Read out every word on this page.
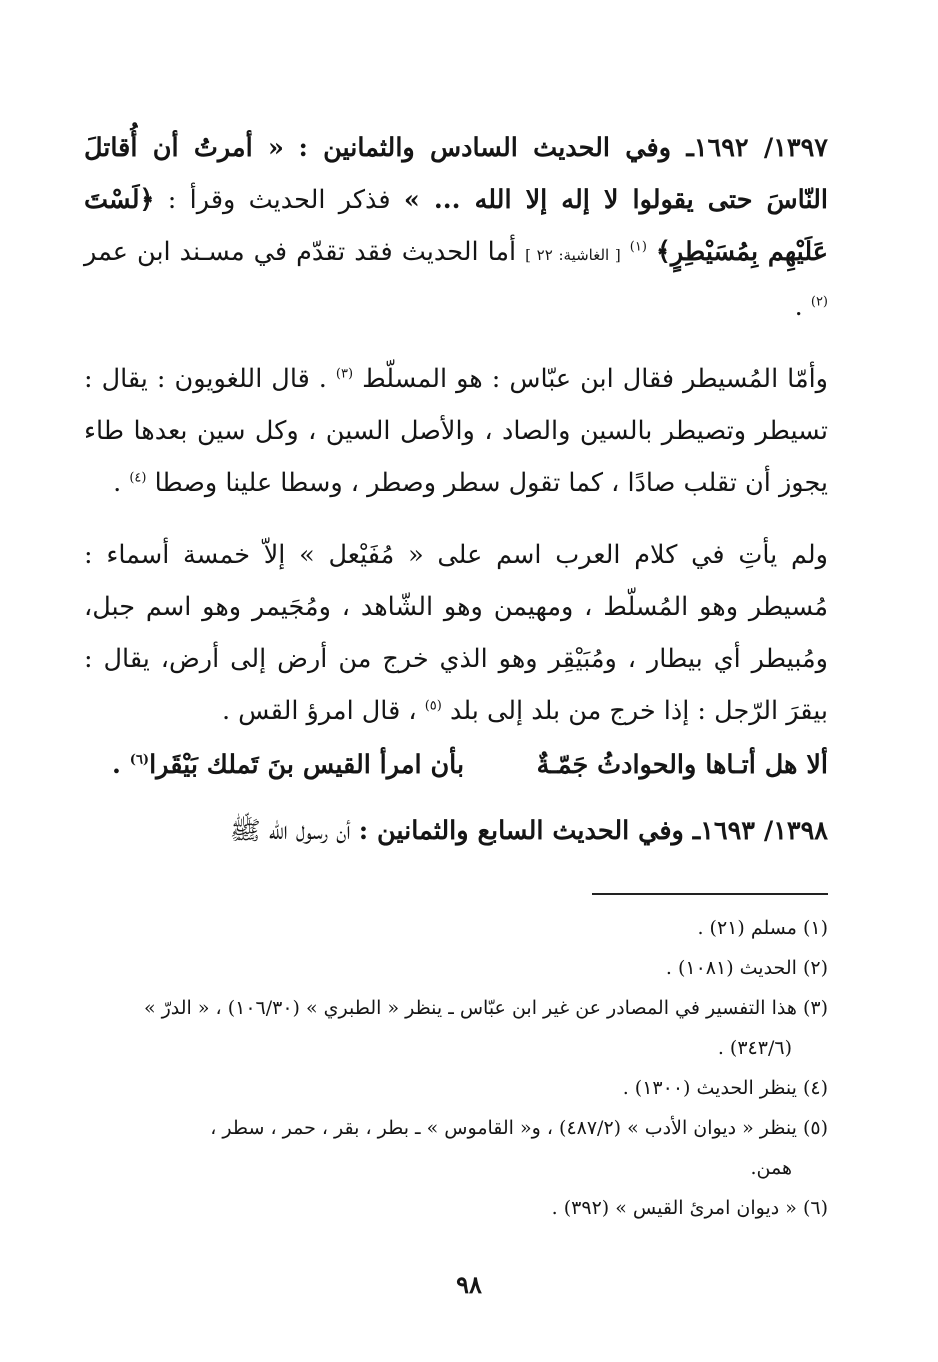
١٣٩٧/ ١٦٩٢ـ وفي الحديث السادس والثمانين : « أمرتُ أن أُقاتلَ النّاسَ حتى يقولوا لا إله إلا الله ... » فذكر الحديث وقرأ : ﴿لَسْتَ عَلَيْهِم بِمُسَيْطِرٍ﴾ $^{(١)}$ [ الغاشية: ٢٢ ] أما الحديث فقد تقدّم في مسـند ابن عمر $^{(٢)}$ .

وأمّا المُسيطر فقال ابن عبّاس : هو المسلّط $^{(٣)}$ . قال اللغويون : يقال : تسيطر وتصيطر بالسين والصاد ، والأصل السين ، وكل سين بعدها طاء يجوز أن تقلب صادًا ، كما تقول سطر وصطر ، وسطا علينا وصطا $^{(٤)}$ .

ولم يأتِ في كلام العرب اسم على « مُفَيْعل » إلاّ خمسة أسماء : مُسيطر وهو المُسلّط ، ومهيمن وهو الشّاهد ، ومُجَيمر وهو اسم جبل، ومُبيطر أي بيطار ، ومُبَيْقِر وهو الذي خرج من أرض إلى أرض، يقال : بيقرَ الرّجل : إذا خرج من بلد إلى بلد $^{(٥)}$ ، قال امرؤ القس .

ألا هل أتـاها والحوادثُ جَمّـةٌ
بأن امرأ القيس بنَ تَملك بَيْقَرا$^{(٦)}$ .

١٣٩٨/ ١٦٩٣ـ وفي الحديث السابع والثمانين : أن رسول الله ﷺ

(١) مسلم (٢١) .

(٢) الحديث (١٠٨١) .

(٣) هذا التفسير في المصادر عن غير ابن عبّاس ـ ينظر « الطبري » (١٠٦/٣٠) ، « الدرّ »
(٣٤٣/٦) .

(٤) ينظر الحديث (١٣٠٠) .

(٥) ينظر « ديوان الأدب » (٤٨٧/٢) ، و« القاموس » ـ بطر ، بقر ، حمر ، سطر ،
همن.

(٦) « ديوان امرئ القيس » (٣٩٢) .

٩٨
